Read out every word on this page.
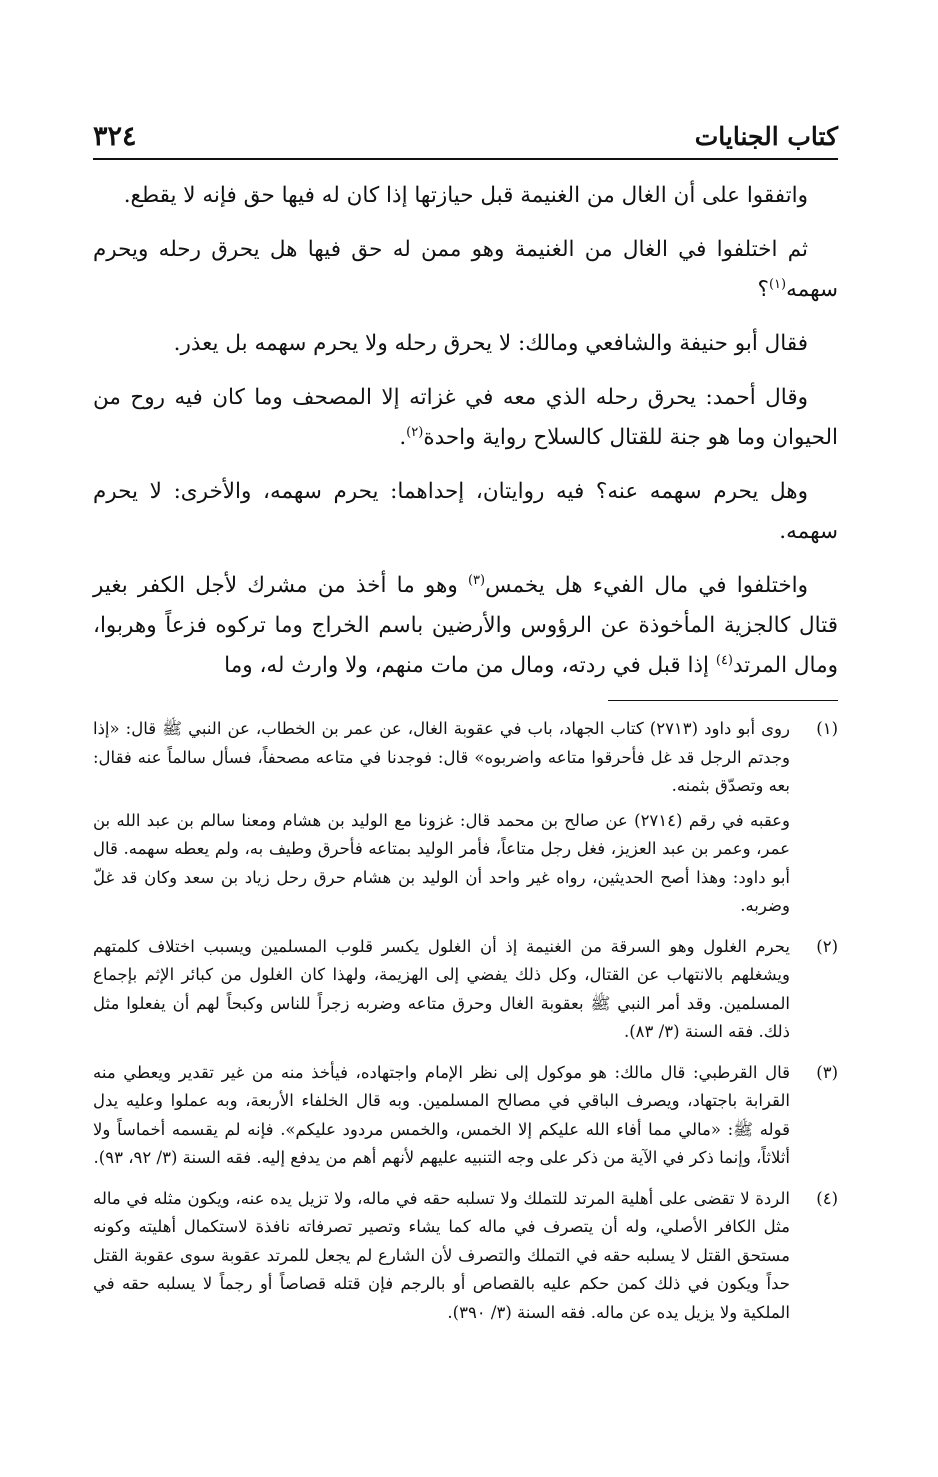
كتاب الجنايات
٣٢٤

واتفقوا على أن الغال من الغنيمة قبل حيازتها إذا كان له فيها حق فإنه لا يقطع.

ثم اختلفوا في الغال من الغنيمة وهو ممن له حق فيها هل يحرق رحله ويحرم سهمه$^{(١)}$؟

فقال أبو حنيفة والشافعي ومالك: لا يحرق رحله ولا يحرم سهمه بل يعذر.

وقال أحمد: يحرق رحله الذي معه في غزاته إلا المصحف وما كان فيه روح من الحيوان وما هو جنة للقتال كالسلاح رواية واحدة$^{(٢)}$.

وهل يحرم سهمه عنه؟ فيه روايتان، إحداهما: يحرم سهمه، والأخرى: لا يحرم سهمه.

واختلفوا في مال الفيء هل يخمس$^{(٣)}$ وهو ما أخذ من مشرك لأجل الكفر بغير قتال كالجزية المأخوذة عن الرؤوس والأرضين باسم الخراج وما تركوه فزعاً وهربوا، ومال المرتد$^{(٤)}$ إذا قبل في ردته، ومال من مات منهم، ولا وارث له، وما

(١)

روى أبو داود (٢٧١٣) كتاب الجهاد، باب في عقوبة الغال، عن عمر بن الخطاب، عن النبي ﷺ قال: «إذا وجدتم الرجل قد غل فأحرقوا متاعه واضربوه» قال: فوجدنا في متاعه مصحفاً، فسأل سالماً عنه فقال: بعه وتصدّق بثمنه.

وعقبه في رقم (٢٧١٤) عن صالح بن محمد قال: غزونا مع الوليد بن هشام ومعنا سالم بن عبد الله بن عمر، وعمر بن عبد العزيز، فغل رجل متاعاً، فأمر الوليد بمتاعه فأحرق وطيف به، ولم يعطه سهمه. قال أبو داود: وهذا أصح الحديثين، رواه غير واحد أن الوليد بن هشام حرق رحل زياد بن سعد وكان قد غلّ وضربه.

(٢)

يحرم الغلول وهو السرقة من الغنيمة إذ أن الغلول يكسر قلوب المسلمين ويسبب اختلاف كلمتهم ويشغلهم بالانتهاب عن القتال، وكل ذلك يفضي إلى الهزيمة، ولهذا كان الغلول من كبائر الإثم بإجماع المسلمين. وقد أمر النبي ﷺ بعقوبة الغال وحرق متاعه وضربه زجراً للناس وكبحاً لهم أن يفعلوا مثل ذلك. فقه السنة (٣/ ٨٣).

(٣)

قال القرطبي: قال مالك: هو موكول إلى نظر الإمام واجتهاده، فيأخذ منه من غير تقدير ويعطي منه القرابة باجتهاد، ويصرف الباقي في مصالح المسلمين. وبه قال الخلفاء الأربعة، وبه عملوا وعليه يدل قوله ﷺ: «مالي مما أفاء الله عليكم إلا الخمس، والخمس مردود عليكم». فإنه لم يقسمه أخماساً ولا أثلاثاً، وإنما ذكر في الآية من ذكر على وجه التنبيه عليهم لأنهم أهم من يدفع إليه. فقه السنة (٣/ ٩٢، ٩٣).

(٤)

الردة لا تقضى على أهلية المرتد للتملك ولا تسلبه حقه في ماله، ولا تزيل يده عنه، ويكون مثله في ماله مثل الكافر الأصلي، وله أن يتصرف في ماله كما يشاء وتصير تصرفاته نافذة لاستكمال أهليته وكونه مستحق القتل لا يسلبه حقه في التملك والتصرف لأن الشارع لم يجعل للمرتد عقوبة سوى عقوبة القتل حداً ويكون في ذلك كمن حكم عليه بالقصاص أو بالرجم فإن قتله قصاصاً أو رجماً لا يسلبه حقه في الملكية ولا يزيل يده عن ماله. فقه السنة (٣/ ٣٩٠).
